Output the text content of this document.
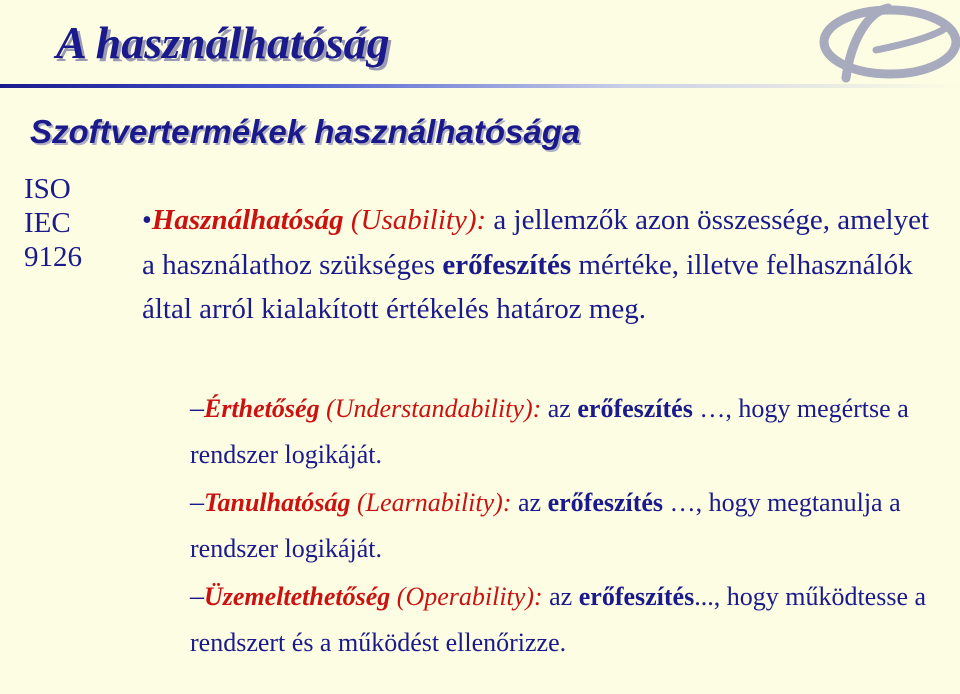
A használhatóság
Szoftvertermékek használhatósága
ISO
IEC
9126
•Használhatóság (Usability): a jellemzők azon összessége, amelyet a használathoz szükséges erőfeszítés mértéke, illetve felhasználók által arról kialakított értékelés határoz meg.
–Érthetőség (Understandability): az erőfeszítés …, hogy megértse a rendszer logikáját.
–Tanulhatóság (Learnability): az erőfeszítés …, hogy megtanulja a rendszer logikáját.
–Üzemeltethetőség (Operability): az erőfeszítés..., hogy működtesse a rendszert és a működést ellenőrizze.
